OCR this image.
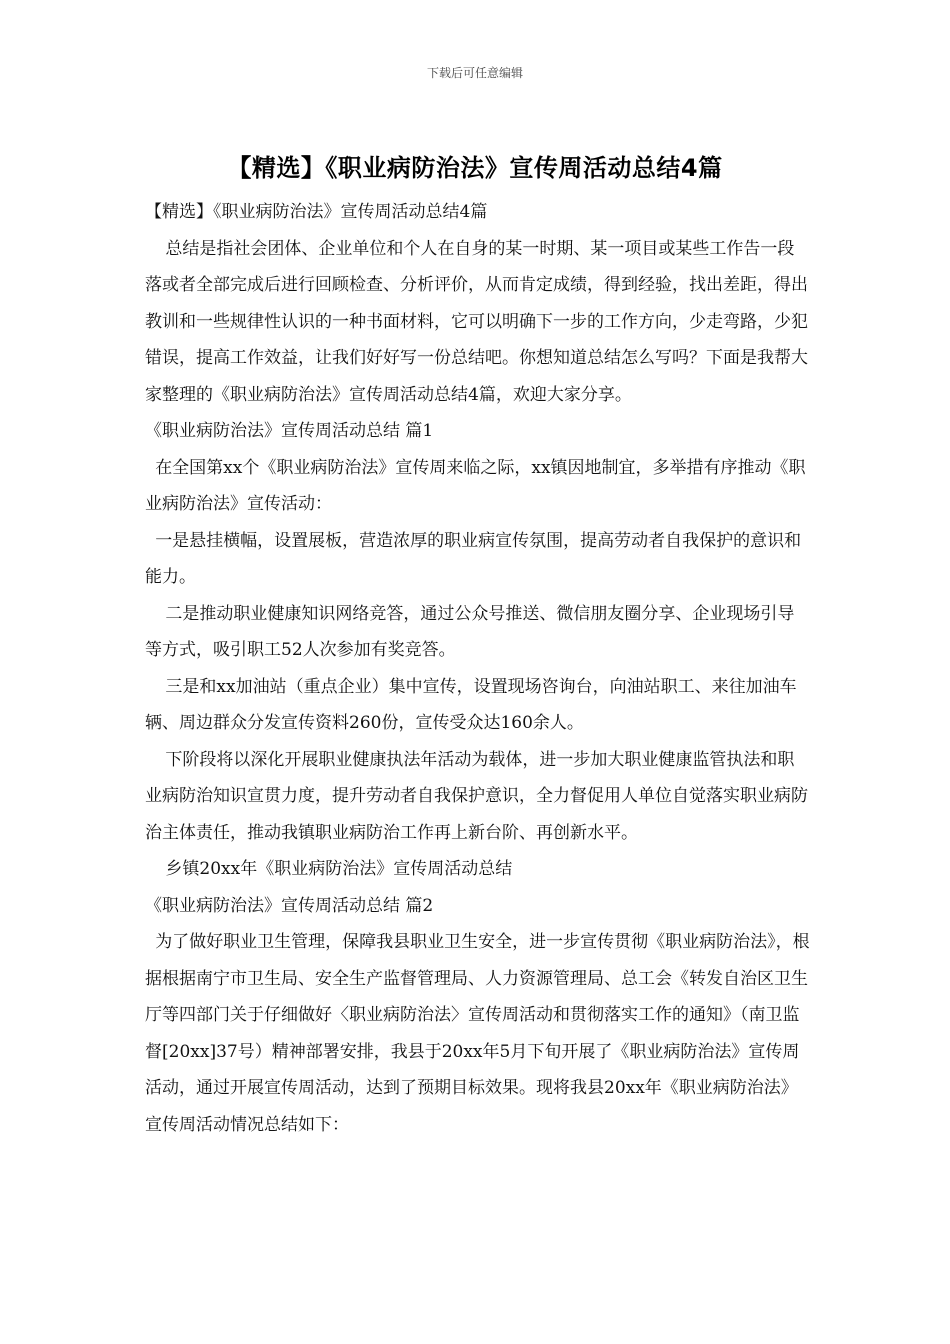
下载后可任意编辑
【精选】《职业病防治法》宣传周活动总结4篇

【精选】《职业病防治法》宣传周活动总结4篇

总结是指社会团体、企业单位和个人在自身的某一时期、某一项目或某些工作告一段落或者全部完成后进行回顾检查、分析评价，从而肯定成绩，得到经验，找出差距，得出教训和一些规律性认识的一种书面材料，它可以明确下一步的工作方向，少走弯路，少犯错误，提高工作效益，让我们好好写一份总结吧。你想知道总结怎么写吗？下面是我帮大家整理的《职业病防治法》宣传周活动总结4篇，欢迎大家分享。

《职业病防治法》宣传周活动总结 篇1

在全国第xx个《职业病防治法》宣传周来临之际，xx镇因地制宜，多举措有序推动《职业病防治法》宣传活动：

一是悬挂横幅，设置展板，营造浓厚的职业病宣传氛围，提高劳动者自我保护的意识和能力。

二是推动职业健康知识网络竞答，通过公众号推送、微信朋友圈分享、企业现场引导等方式，吸引职工52人次参加有奖竞答。

三是和xx加油站（重点企业）集中宣传，设置现场咨询台，向油站职工、来往加油车辆、周边群众分发宣传资料260份，宣传受众达160余人。

下阶段将以深化开展职业健康执法年活动为载体，进一步加大职业健康监管执法和职业病防治知识宣贯力度，提升劳动者自我保护意识，全力督促用人单位自觉落实职业病防治主体责任，推动我镇职业病防治工作再上新台阶、再创新水平。

乡镇20xx年《职业病防治法》宣传周活动总结

《职业病防治法》宣传周活动总结 篇2

为了做好职业卫生管理，保障我县职业卫生安全，进一步宣传贯彻《职业病防治法》，根据根据南宁市卫生局、安全生产监督管理局、人力资源管理局、总工会《转发自治区卫生厅等四部门关于仔细做好〈职业病防治法〉宣传周活动和贯彻落实工作的通知》（南卫监督[20xx]37号）精神部署安排，我县于20xx年5月下旬开展了《职业病防治法》宣传周活动，通过开展宣传周活动，达到了预期目标效果。现将我县20xx年《职业病防治法》宣传周活动情况总结如下：
